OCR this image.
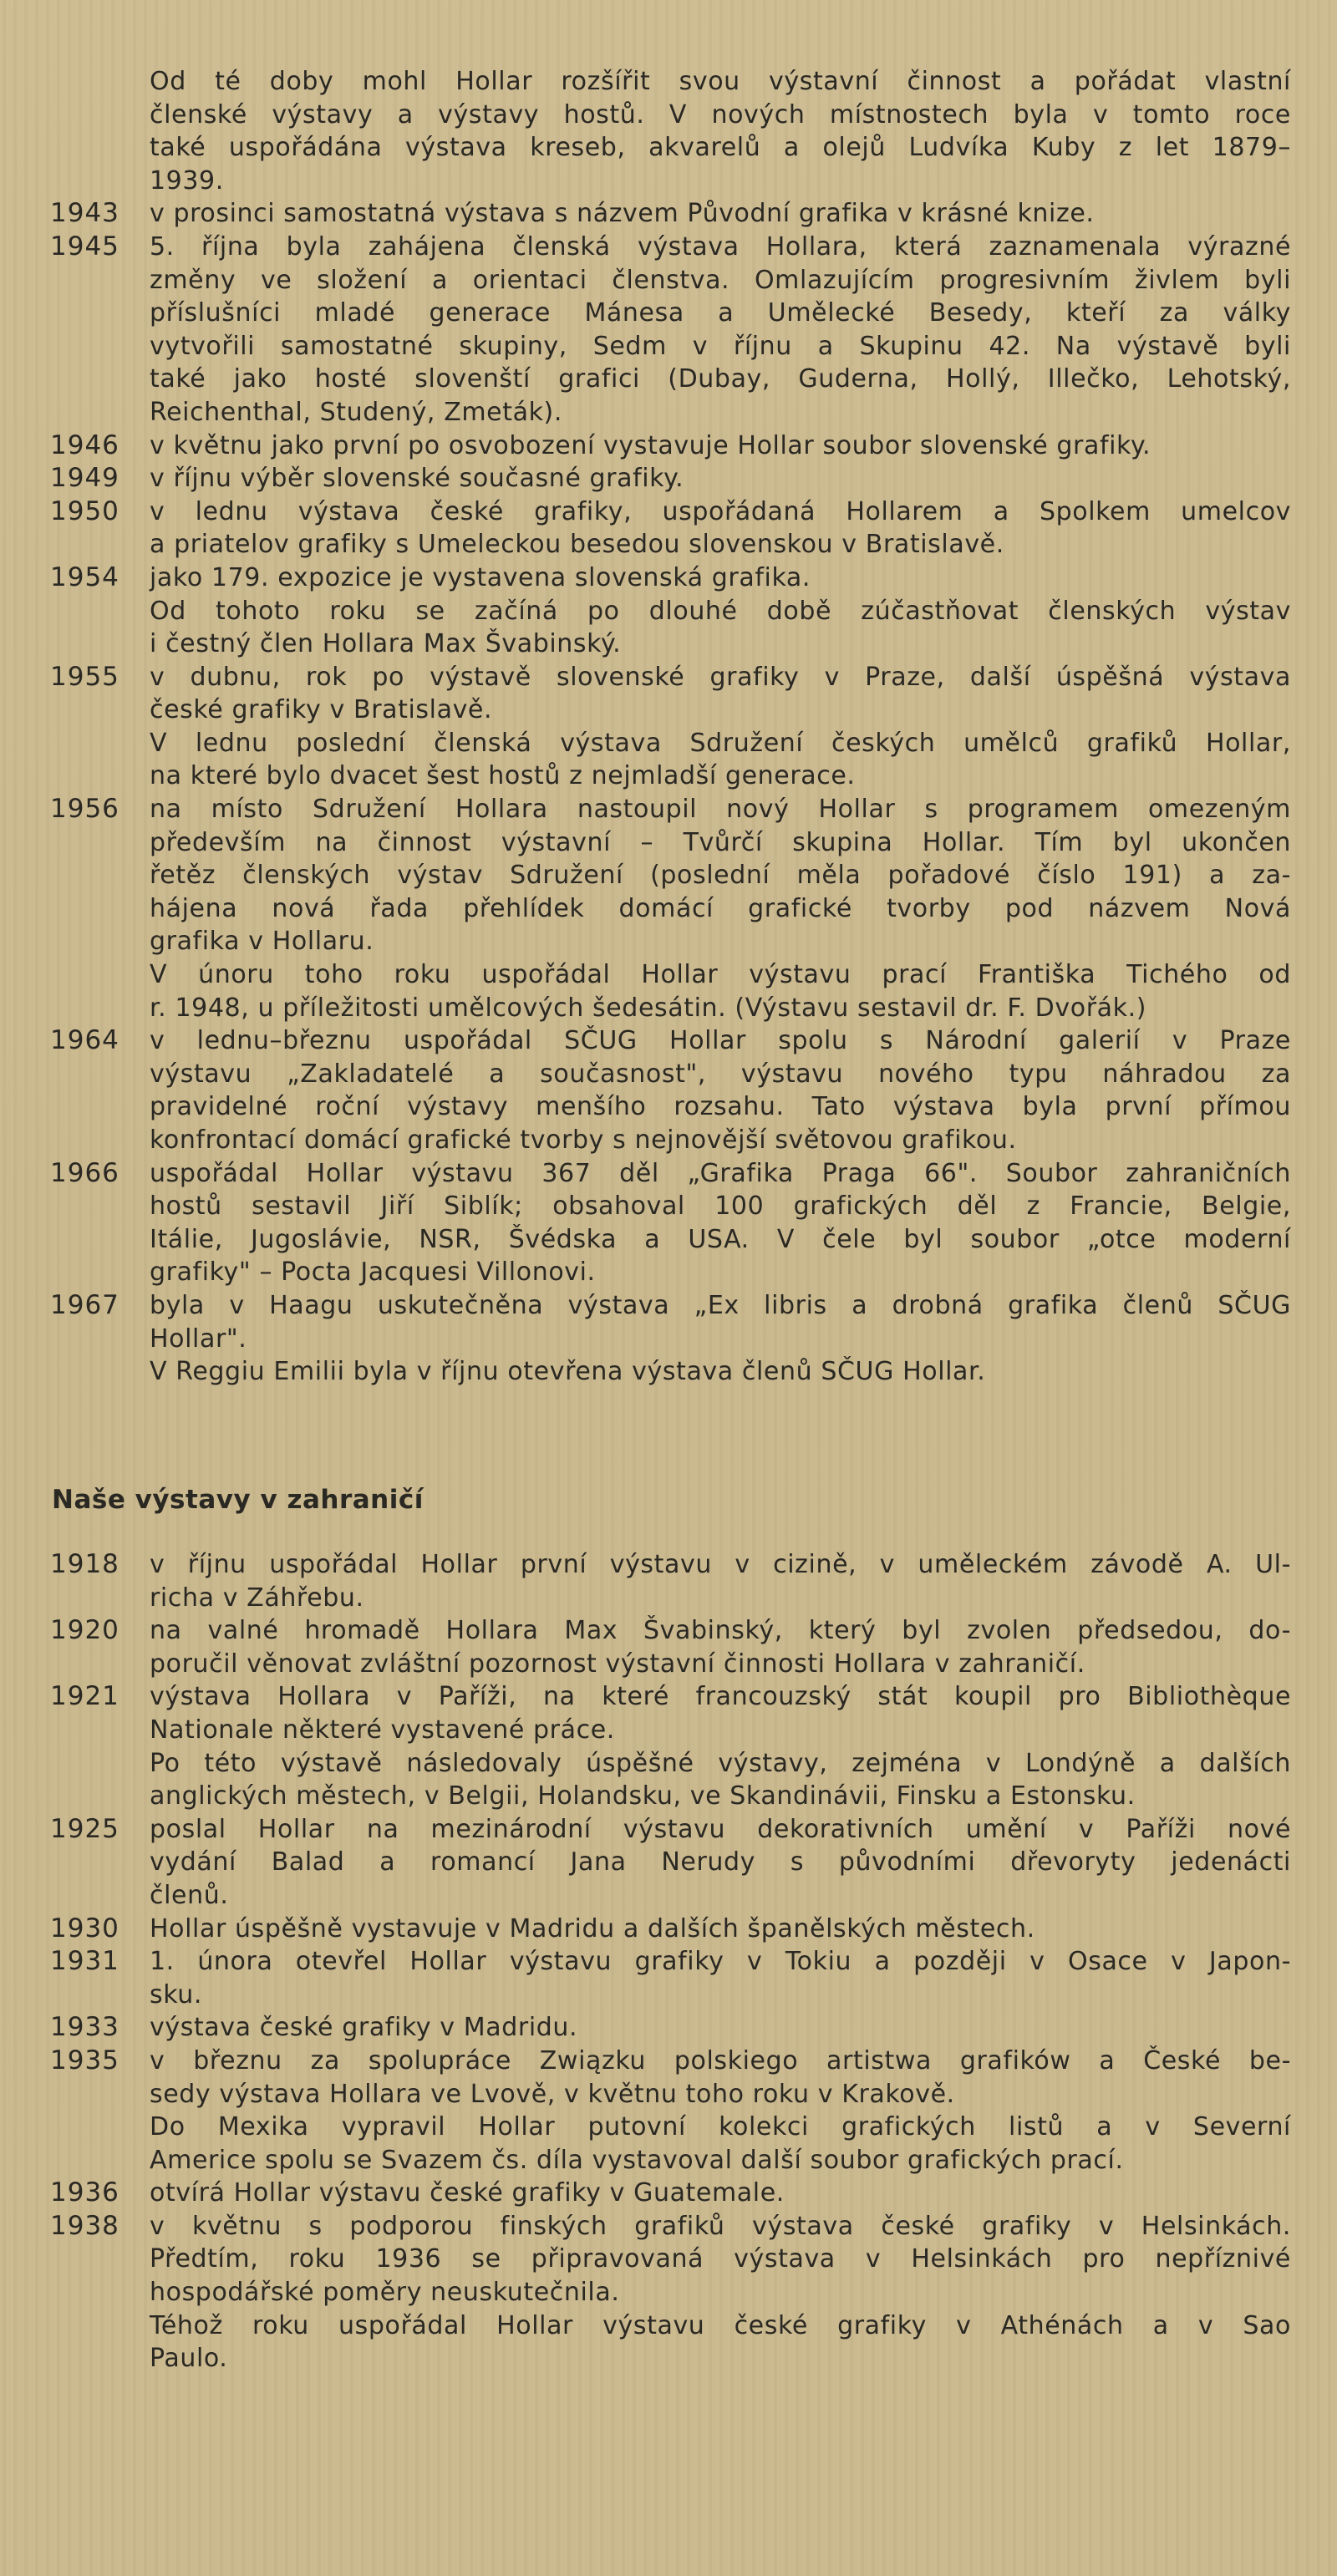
Od té doby mohl Hollar rozšířit svou výstavní činnost a pořádat vlastní
členské výstavy a výstavy hostů. V nových místnostech byla v tomto roce
také uspořádána výstava kreseb, akvarelů a olejů Ludvíka Kuby z let 1879–
1939.
1943	v prosinci samostatná výstava s názvem Původní grafika v krásné knize.
1945	5. října byla zahájena členská výstava Hollara, která zaznamenala výrazné
změny ve složení a orientaci členstva. Omlazujícím progresivním živlem byli
příslušníci mladé generace Mánesa a Umělecké Besedy, kteří za války
vytvořili samostatné skupiny, Sedm v říjnu a Skupinu 42. Na výstavě byli
také jako hosté slovenští grafici (Dubay, Guderna, Hollý, Illečko, Lehotský,
Reichenthal, Studený, Zmeták).
1946	v květnu jako první po osvobození vystavuje Hollar soubor slovenské grafiky.
1949	v říjnu výběr slovenské současné grafiky.
1950	v lednu výstava české grafiky, uspořádaná Hollarem a Spolkem umelcov
a priatelov grafiky s Umeleckou besedou slovenskou v Bratislavě.
1954	jako 179. expozice je vystavena slovenská grafika.
Od tohoto roku se začíná po dlouhé době zúčastňovat členských výstav
i čestný člen Hollara Max Švabinský.
1955	v dubnu, rok po výstavě slovenské grafiky v Praze, další úspěšná výstava
české grafiky v Bratislavě.
V lednu poslední členská výstava Sdružení českých umělců grafiků Hollar,
na které bylo dvacet šest hostů z nejmladší generace.
1956	na místo Sdružení Hollara nastoupil nový Hollar s programem omezeným
především na činnost výstavní – Tvůrčí skupina Hollar. Tím byl ukončen
řetěz členských výstav Sdružení (poslední měla pořadové číslo 191) a za-
hájena nová řada přehlídek domácí grafické tvorby pod názvem Nová
grafika v Hollaru.
V únoru toho roku uspořádal Hollar výstavu prací Františka Tichého od
r. 1948, u příležitosti umělcových šedesátin. (Výstavu sestavil dr. F. Dvořák.)
1964	v lednu–březnu uspořádal SČUG Hollar spolu s Národní galerií v Praze
výstavu „Zakladatelé a současnost", výstavu nového typu náhradou za
pravidelné roční výstavy menšího rozsahu. Tato výstava byla první přímou
konfrontací domácí grafické tvorby s nejnovější světovou grafikou.
1966	uspořádal Hollar výstavu 367 děl „Grafika Praga 66". Soubor zahraničních
hostů sestavil Jiří Siblík; obsahoval 100 grafických děl z Francie, Belgie,
Itálie, Jugoslávie, NSR, Švédska a USA. V čele byl soubor „otce moderní
grafiky" – Pocta Jacquesi Villonovi.
1967	byla v Haagu uskutečněna výstava „Ex libris a drobná grafika členů SČUG
Hollar".
V Reggiu Emilii byla v říjnu otevřena výstava členů SČUG Hollar.
Naše výstavy v zahraničí
1918	v říjnu uspořádal Hollar první výstavu v cizině, v uměleckém závodě A. Ul-
richa v Záhřebu.
1920	na valné hromadě Hollara Max Švabinský, který byl zvolen předsedou, do-
poručil věnovat zvláštní pozornost výstavní činnosti Hollara v zahraničí.
1921	výstava Hollara v Paříži, na které francouzský stát koupil pro Bibliothèque
Nationale některé vystavené práce.
Po této výstavě následovaly úspěšné výstavy, zejména v Londýně a dalších
anglických městech, v Belgii, Holandsku, ve Skandinávii, Finsku a Estonsku.
1925	poslal Hollar na mezinárodní výstavu dekorativních umění v Paříži nové
vydání Balad a romancí Jana Nerudy s původními dřevoryty jedenácti
členů.
1930	Hollar úspěšně vystavuje v Madridu a dalších španělských městech.
1931	1. února otevřel Hollar výstavu grafiky v Tokiu a později v Osace v Japon-
sku.
1933	výstava české grafiky v Madridu.
1935	v březnu za spolupráce Związku polskiego artistwa grafików a České be-
sedy výstava Hollara ve Lvově, v květnu toho roku v Krakově.
Do Mexika vypravil Hollar putovní kolekci grafických listů a v Severní
Americe spolu se Svazem čs. díla vystavoval další soubor grafických prací.
1936	otvírá Hollar výstavu české grafiky v Guatemale.
1938	v květnu s podporou finských grafiků výstava české grafiky v Helsinkách.
Předtím, roku 1936 se připravovaná výstava v Helsinkách pro nepříznivé
hospodářské poměry neuskutečnila.
Téhož roku uspořádal Hollar výstavu české grafiky v Athénách a v Sao
Paulo.
